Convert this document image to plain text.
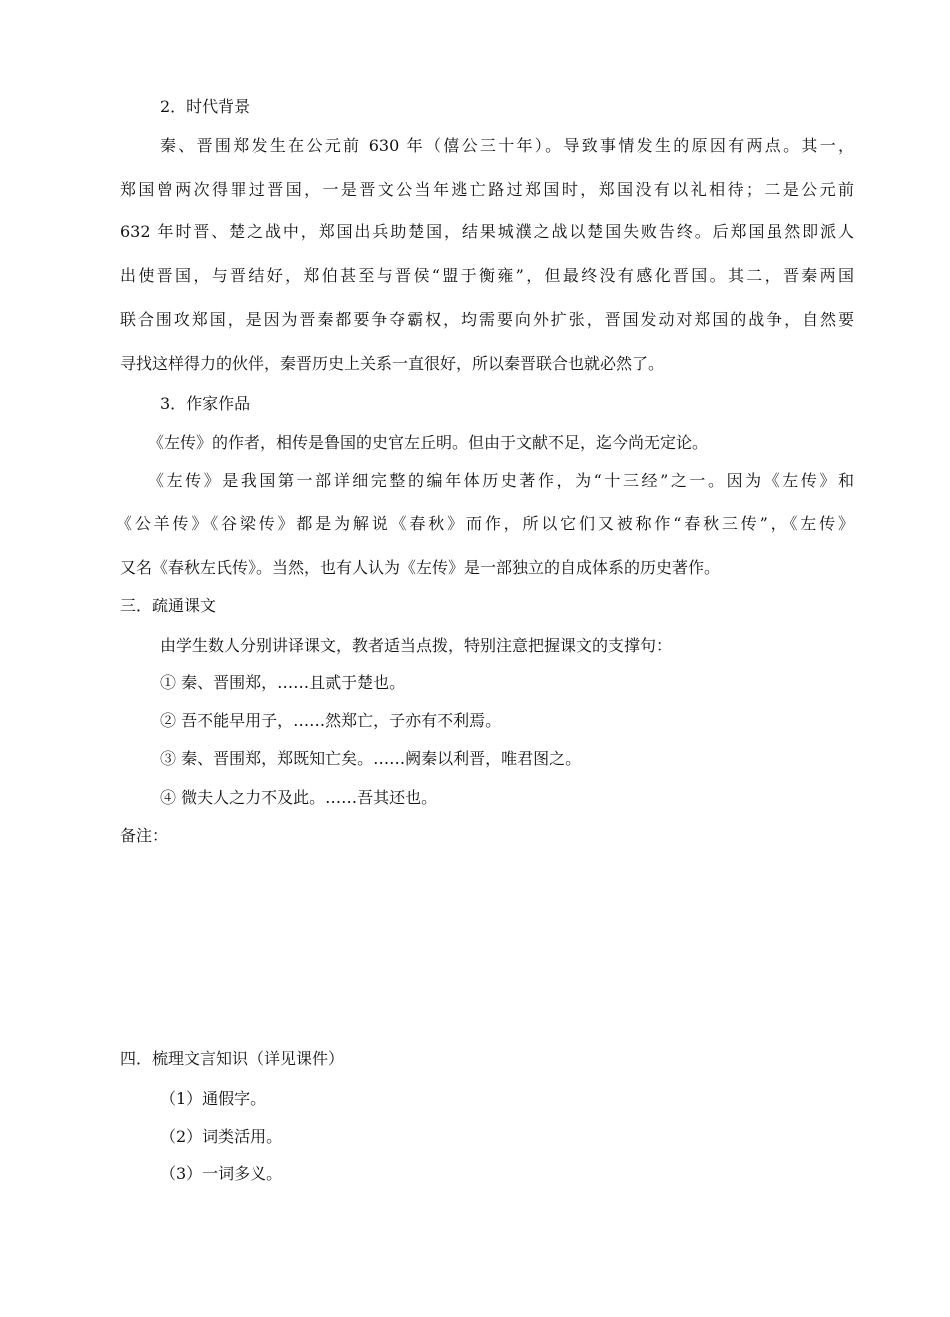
2．时代背景
秦、晋围郑发生在公元前 630 年（僖公三十年）。导致事情发生的原因有两点。其一，
郑国曾两次得罪过晋国，一是晋文公当年逃亡路过郑国时，郑国没有以礼相待；二是公元前
632 年时晋、楚之战中，郑国出兵助楚国，结果城濮之战以楚国失败告终。后郑国虽然即派人
出使晋国，与晋结好，郑伯甚至与晋侯“盟于衡雍”，但最终没有感化晋国。其二，晋秦两国
联合围攻郑国，是因为晋秦都要争夺霸权，均需要向外扩张，晋国发动对郑国的战争，自然要
寻找这样得力的伙伴，秦晋历史上关系一直很好，所以秦晋联合也就必然了。
3．作家作品
《左传》的作者，相传是鲁国的史官左丘明。但由于文献不足，迄今尚无定论。
《左传》是我国第一部详细完整的编年体历史著作，为“十三经”之一。因为《左传》和
《公羊传》《谷梁传》都是为解说《春秋》而作，所以它们又被称作“春秋三传”，《左传》
又名《春秋左氏传》。当然，也有人认为《左传》是一部独立的自成体系的历史著作。
三．疏通课文
由学生数人分别讲译课文，教者适当点拨，特别注意把握课文的支撑句：
① 秦、晋围郑，……且贰于楚也。
② 吾不能早用子，……然郑亡，子亦有不利焉。
③ 秦、晋围郑，郑既知亡矣。……阙秦以利晋，唯君图之。
④ 微夫人之力不及此。……吾其还也。
备注：
四．梳理文言知识（详见课件）
（1）通假字。
（2）词类活用。
（3）一词多义。
